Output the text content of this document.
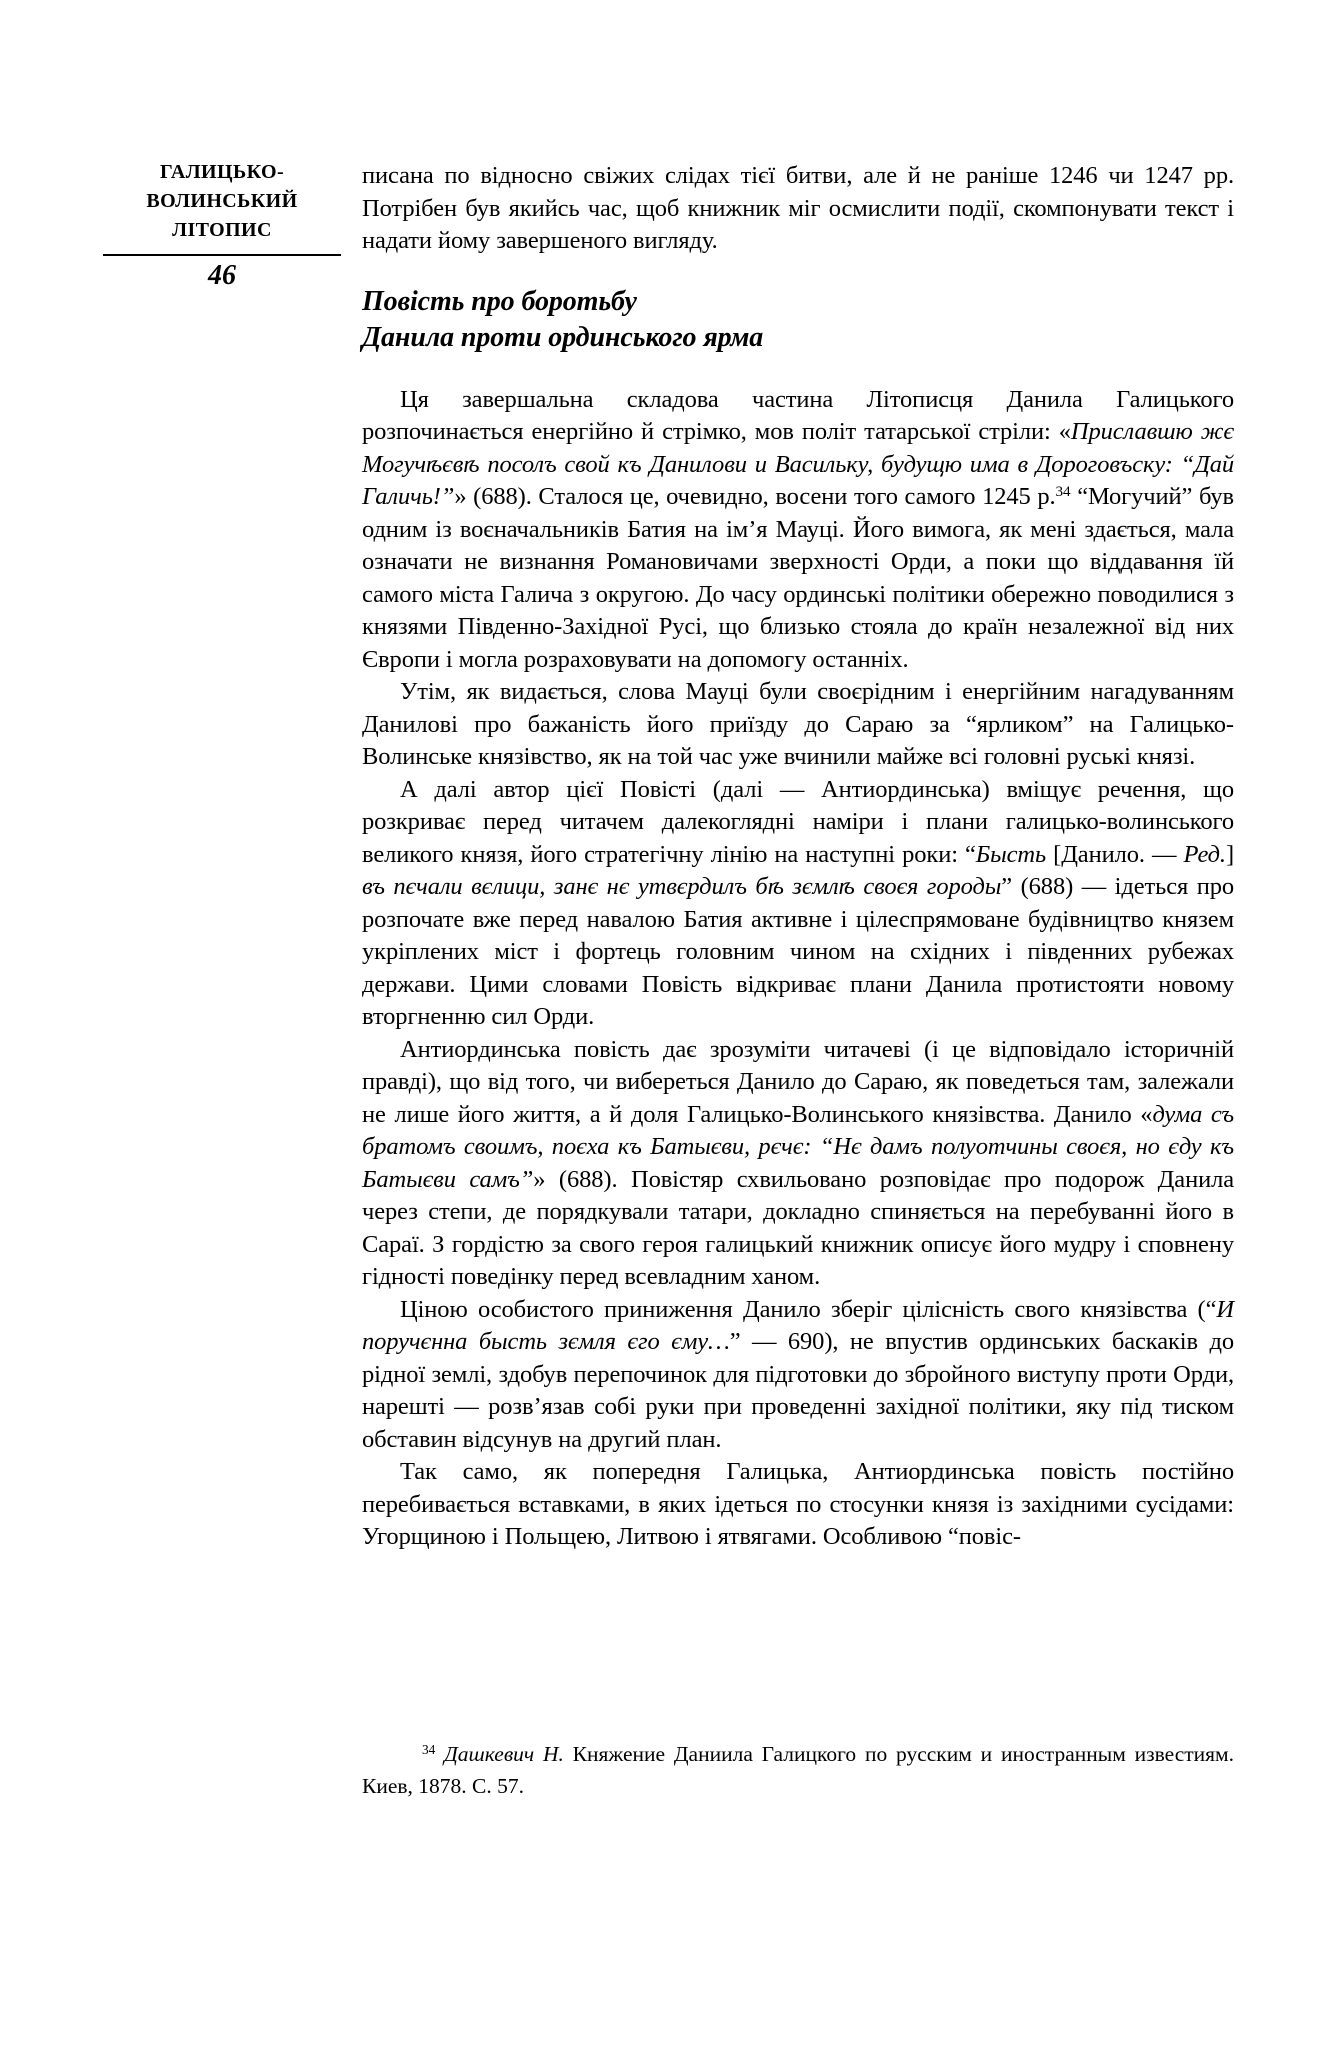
ГАЛИЦЬКО-
ВОЛИНСЬКИЙ
ЛІТОПИС
46

писана по відносно свіжих слідах тієї битви, але й не раніше 1246 чи 1247 рр. Потрібен був якийсь час, щоб книжник міг осмислити події, скомпонувати текст і надати йому завершеного вигляду.

Повість про боротьбу
Данила проти ординського ярма

Ця завершальна складова частина Літописця Данила Галицького розпочинається енергійно й стрімко, мов політ татарської стріли: «Приславшю жє Могучѣєвѣ посолъ свой къ Данилови и Васильку, будущю има в Дороговъску: “Дай Галичь!”» (688). Сталося це, очевидно, восени того самого 1245 р.$^{34}$ “Могучий” був одним із воєначальників Батия на ім’я Мауці. Його вимога, як мені здається, мала означати не визнання Романовичами зверхності Орди, а поки що віддавання їй самого міста Галича з округою. До часу ординські політики обережно поводилися з князями Південно-Західної Русі, що близько стояла до країн незалежної від них Європи і могла розраховувати на допомогу останніх.

Утім, як видається, слова Мауці були своєрідним і енергійним нагадуванням Данилові про бажаність його приїзду до Сараю за “ярликом” на Галицько-Волинське князівство, як на той час уже вчинили майже всі головні руські князі.

А далі автор цієї Повісті (далі — Антиординська) вміщує речення, що розкриває перед читачем далекоглядні наміри і плани галицько-волинського великого князя, його стратегічну лінію на наступні роки: “Бысть [Данило. — Ред.] въ пєчали вєлици, занє нє утвєрдилъ бѣ зємлѣ своєя городы” (688) — ідеться про розпочате вже перед навалою Батия активне і цілеспрямоване будівництво князем укріплених міст і фортець головним чином на східних і південних рубежах держави. Цими словами Повість відкриває плани Данила протистояти новому вторгненню сил Орди.

Антиординська повість дає зрозуміти читачеві (і це відповідало історичній правді), що від того, чи вибереться Данило до Сараю, як поведеться там, залежали не лише його життя, а й доля Галицько-Волинського князівства. Данило «дума съ братомъ своимъ, поєха къ Батыєви, рєчє: “Нє дамъ полуотчины своєя, но єду къ Батыєви самъ”» (688). Повістяр схвильовано розповідає про подорож Данила через степи, де порядкували татари, докладно спиняється на перебуванні його в Сараї. З гордістю за свого героя галицький книжник описує його мудру і сповнену гідності поведінку перед всевладним ханом.

Ціною особистого приниження Данило зберіг цілісність свого князівства (“И поручєнна бысть зємля єго єму…” — 690), не впустив ординських баскаків до рідної землі, здобув перепочинок для підготовки до збройного виступу проти Орди, нарешті — розв’язав собі руки при проведенні західної політики, яку під тиском обставин відсунув на другий план.

Так само, як попередня Галицька, Антиординська повість постійно перебивається вставками, в яких ідеться по стосунки князя із західними сусідами: Угорщиною і Польщею, Литвою і ятвягами. Особливою “повіс-

$^{34}$ Дашкевич Н. Княжение Даниила Галицкого по русским и иностранным известиям. Киев, 1878. С. 57.
